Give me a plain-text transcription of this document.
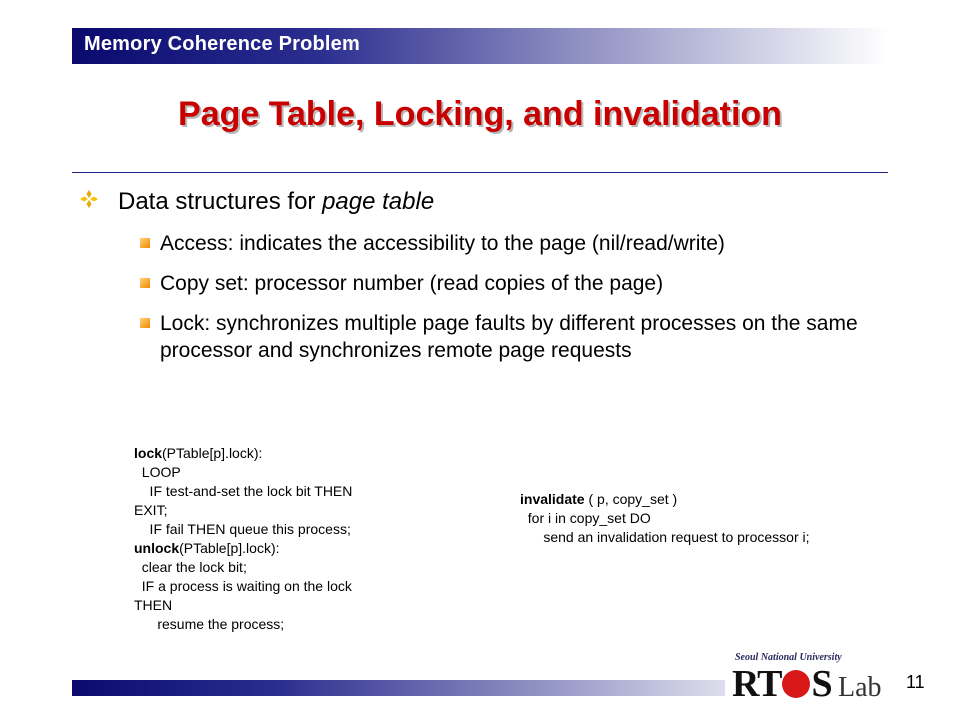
Memory Coherence Problem
Page Table, Locking, and invalidation
Data structures for page table
Access: indicates the accessibility to the page (nil/read/write)
Copy set: processor number (read copies of the page)
Lock: synchronizes multiple page faults by different processes on the same processor and synchronizes remote page requests
lock(PTable[p].lock):
LOOP
IF test-and-set the lock bit THEN
EXIT;
IF fail THEN queue this process;
unlock(PTable[p].lock):
clear the lock bit;
IF a process is waiting on the lock
THEN
resume the process;
invalidate ( p, copy_set )
for i in copy_set DO
send an invalidation request to processor i;
Seoul National University
RT S Lab 11
